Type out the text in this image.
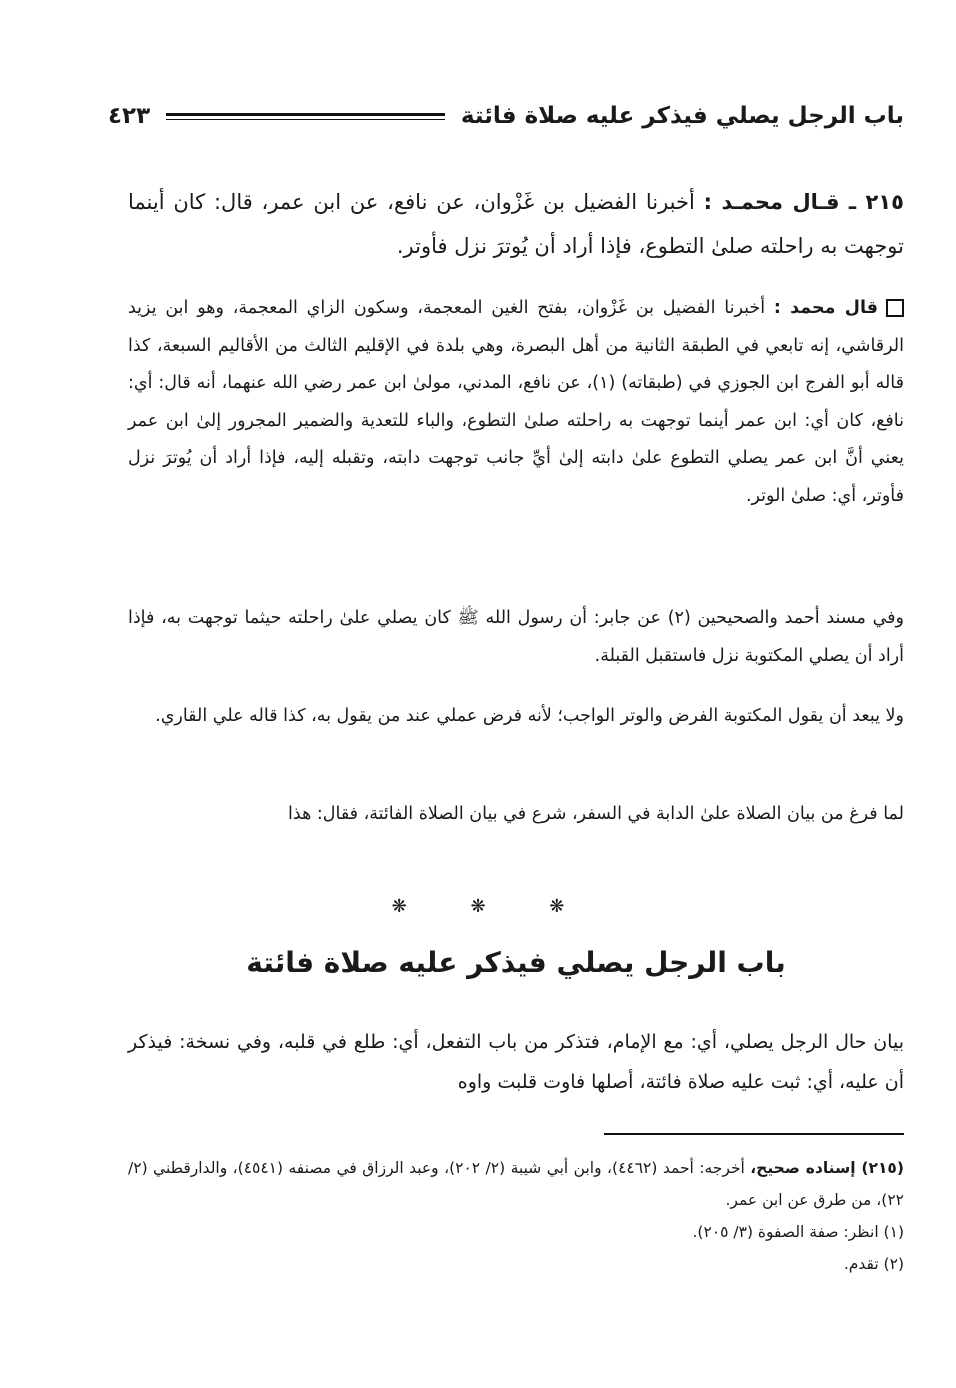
باب الرجل يصلي فيذكر عليه صلاة فائتة
٤٢٣
٢١٥ ـ قـال محمـد : أخبرنا الفضيل بن غَزْوان، عن نافع، عن ابن عمر، قال: كان أينما توجهت به راحلته صلىٰ التطوع، فإذا أراد أن يُوترَ نزل فأوتر.
قال محمد : أخبرنا الفضيل بن غَزْوان، بفتح الغين المعجمة، وسكون الزاي المعجمة، وهو ابن يزيد الرقاشي، إنه تابعي في الطبقة الثانية من أهل البصرة، وهي بلدة في الإقليم الثالث من الأقاليم السبعة، كذا قاله أبو الفرج ابن الجوزي في (طبقاته) (١)، عن نافع، المدني، مولىٰ ابن عمر رضي الله عنهما، أنه قال: أي: نافع، كان أي: ابن عمر أينما توجهت به راحلته صلىٰ التطوع، والباء للتعدية والضمير المجرور إلىٰ ابن عمر يعني أنَّ ابن عمر يصلي التطوع علىٰ دابته إلىٰ أيِّ جانب توجهت دابته، وتقبله إليه، فإذا أراد أن يُوترَ نزل فأوتر، أي: صلىٰ الوتر.
وفي مسند أحمد والصحيحين (٢) عن جابر: أن رسول الله ﷺ كان يصلي علىٰ راحلته حيثما توجهت به، فإذا أراد أن يصلي المكتوبة نزل فاستقبل القبلة.
ولا يبعد أن يقول المكتوبة الفرض والوتر الواجب؛ لأنه فرض عملي عند من يقول به، كذا قاله علي القاري.
لما فرغ من بيان الصلاة علىٰ الدابة في السفر، شرع في بيان الصلاة الفائتة، فقال: هذا
❋	❋	❋
باب الرجل يصلي فيذكر عليه صلاة فائتة
بيان حال الرجل يصلي، أي: مع الإمام، فتذكر من باب التفعل، أي: طلع في قلبه، وفي نسخة: فيذكر أن عليه، أي: ثبت عليه صلاة فائتة، أصلها فاوت قلبت واوه
(٢١٥) إسناده صحيح، أخرجه: أحمد (٤٤٦٢)، وابن أبي شيبة (٢/ ٢٠٢)، وعبد الرزاق في مصنفه (٤٥٤١)، والدارقطني (٢/ ٢٢)، من طرق عن ابن عمر.
(١) انظر: صفة الصفوة (٣/ ٢٠٥).
(٢) تقدم.
